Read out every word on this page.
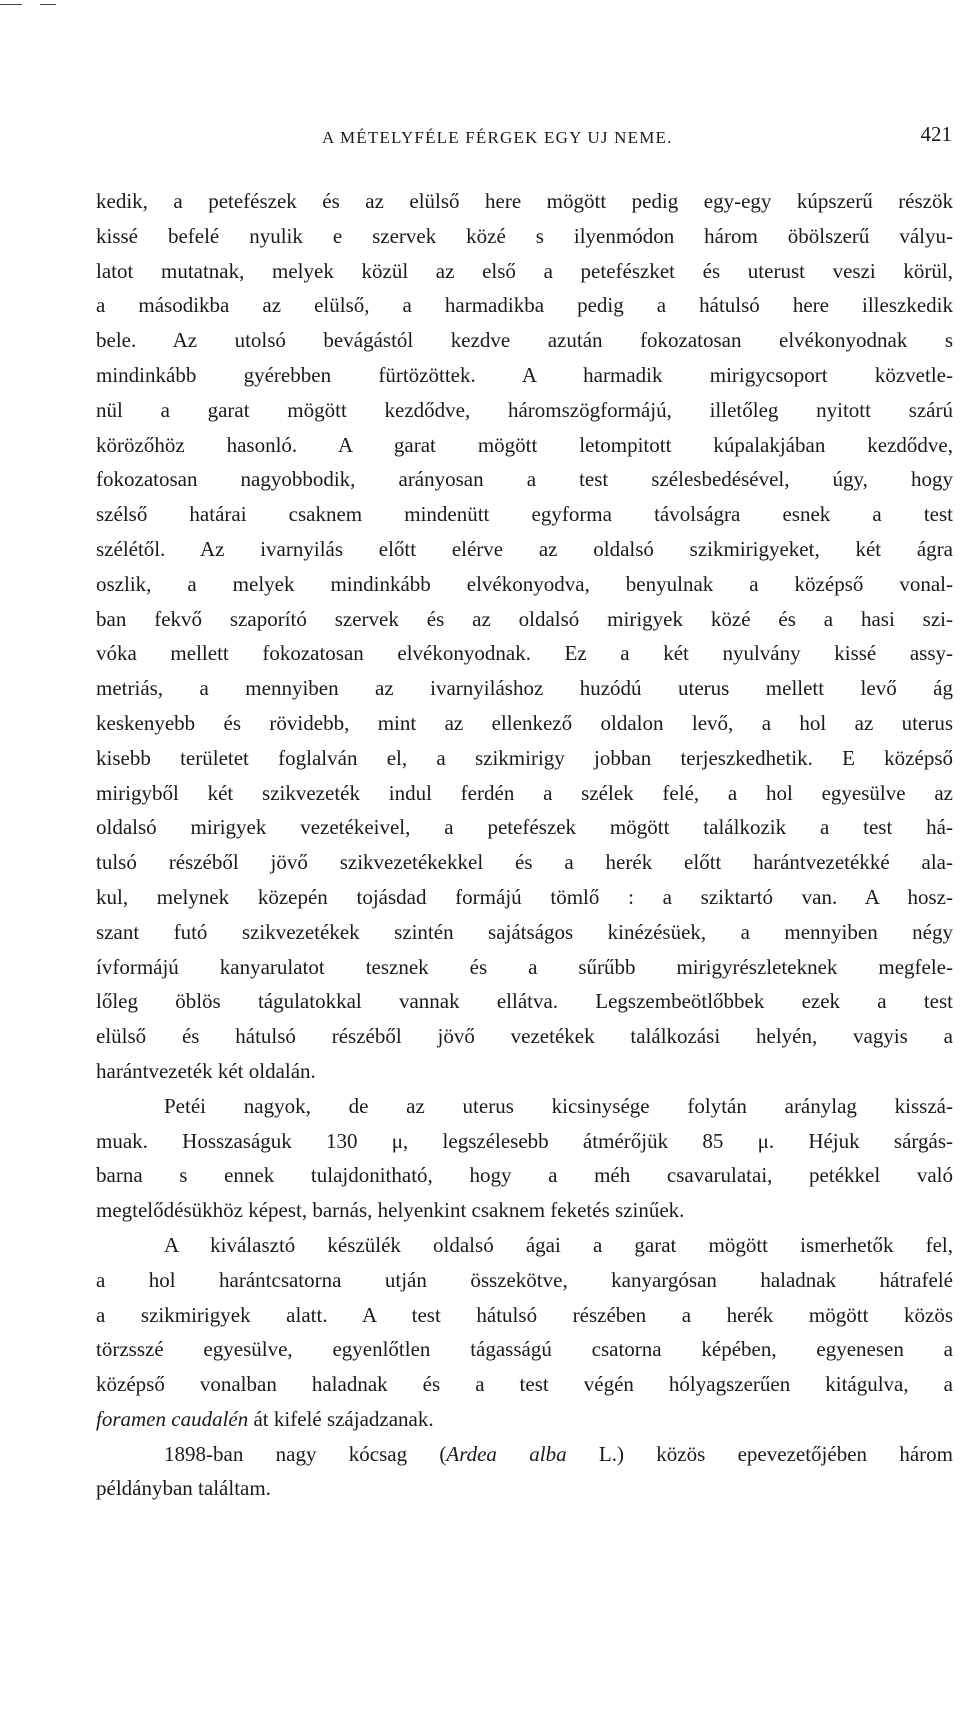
A MÉTELYFÉLE FÉRGEK EGY UJ NEME.	421
kedik, a petefészek és az elülső here mögött pedig egy-egy kúpszerű részök
kissé befelé nyulik e szervek közé s ilyenmódon három öbölszerű vályu-
latot mutatnak, melyek közül az első a petefészket és uterust veszi körül,
a másodikba az elülső, a harmadikba pedig a hátulsó here illeszkedik
bele. Az utolsó bevágástól kezdve azután fokozatosan elvékonyodnak s
mindinkább gyérebben fürtözöttek. A harmadik mirigycsoport közvetle-
nül a garat mögött kezdődve, háromszögformájú, illetőleg nyitott szárú
körözőhöz hasonló. A garat mögött letompitott kúpalakjában kezdődve,
fokozatosan nagyobbodik, arányosan a test szélesbedésével, úgy, hogy
szélső határai csaknem mindenütt egyforma távolságra esnek a test
szélétől. Az ivarnyilás előtt elérve az oldalsó szikmirigyeket, két ágra
oszlik, a melyek mindinkább elvékonyodva, benyulnak a középső vonal-
ban fekvő szaporító szervek és az oldalsó mirigyek közé és a hasi szi-
vóka mellett fokozatosan elvékonyodnak. Ez a két nyulvány kissé assy-
metriás, a mennyiben az ivarnyiláshoz huzódú uterus mellett levő ág
keskenyebb és rövidebb, mint az ellenkező oldalon levő, a hol az uterus
kisebb területet foglalván el, a szikmirigy jobban terjeszkedhetik. E középső
mirigyből két szikvezeték indul ferdén a szélek felé, a hol egyesülve az
oldalsó mirigyek vezetékeivel, a petefészek mögött találkozik a test há-
tulsó részéből jövő szikvezetékekkel és a herék előtt harántvezetékké ala-
kul, melynek közepén tojásdad formájú tömlő : a sziktartó van. A hosz-
szant futó szikvezetékek szintén sajátságos kinézésüek, a mennyiben négy
ívformájú kanyarulatot tesznek és a sűrűbb mirigyrészleteknek megfele-
lőleg öblös tágulatokkal vannak ellátva. Legszembeötlőbbek ezek a test
elülső és hátulsó részéből jövő vezetékek találkozási helyén, vagyis a
harántvezeték két oldalán.
Petéi nagyok, de az uterus kicsinysége folytán aránylag kisszá-
muak. Hosszaságuk 130 μ, legszélesebb átmérőjük 85 μ. Héjuk sárgás-
barna s ennek tulajdonitható, hogy a méh csavarulatai, petékkel való
megtelődésükhöz képest, barnás, helyenkint csaknem feketés szinűek.
A kiválasztó készülék oldalsó ágai a garat mögött ismerhetők fel,
a hol harántcsatorna utján összekötve, kanyargósan haladnak hátrafelé
a szikmirigyek alatt. A test hátulsó részében a herék mögött közös
törzsszé egyesülve, egyenlőtlen tágasságú csatorna képében, egyenesen a
középső vonalban haladnak és a test végén hólyagszerűen kitágulva, a
foramen caudalén át kifelé szájadzanak.
1898-ban nagy kócsag (Ardea alba L.) közös epevezetőjében három
példányban találtam.
